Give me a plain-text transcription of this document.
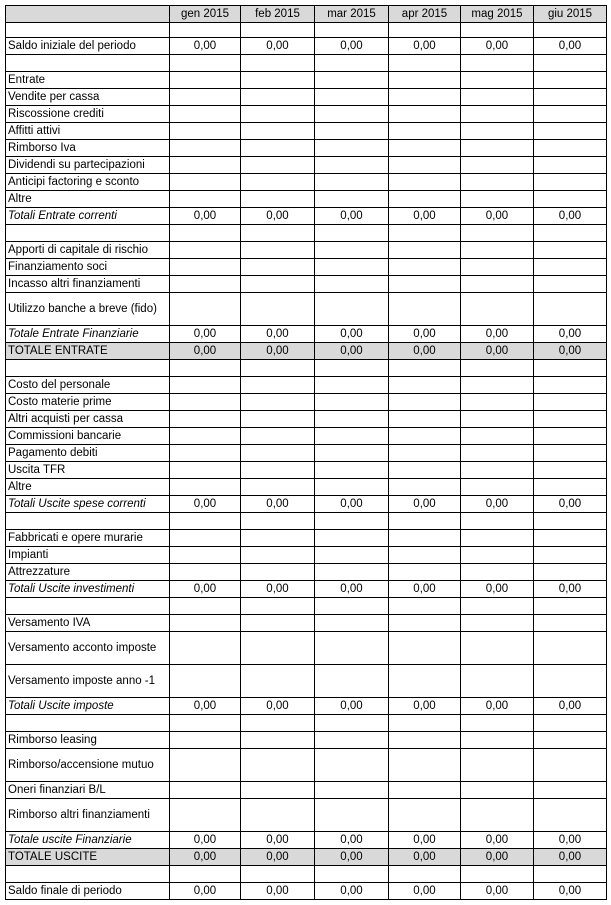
	gen 2015	feb 2015	mar 2015	apr 2015	mag 2015	giu 2015

Saldo iniziale del periodo	0,00	0,00	0,00	0,00	0,00	0,00

Entrate						
Vendite per cassa						
Riscossione crediti						
Affitti attivi						
Rimborso Iva						
Dividendi su partecipazioni						
Anticipi factoring e sconto						
Altre						
Totali Entrate correnti	0,00	0,00	0,00	0,00	0,00	0,00

Apporti di capitale di rischio						
Finanziamento soci						
Incasso altri finanziamenti						
Utilizzo banche a breve (fido)						
Totale Entrate Finanziarie	0,00	0,00	0,00	0,00	0,00	0,00
TOTALE ENTRATE	0,00	0,00	0,00	0,00	0,00	0,00

Costo del personale						
Costo materie prime						
Altri acquisti per cassa						
Commissioni bancarie						
Pagamento debiti						
Uscita TFR						
Altre						
Totali Uscite spese correnti	0,00	0,00	0,00	0,00	0,00	0,00

Fabbricati e opere murarie						
Impianti						
Attrezzature						
Totali Uscite investimenti	0,00	0,00	0,00	0,00	0,00	0,00

Versamento IVA						
Versamento acconto imposte						
Versamento imposte anno -1						
Totali Uscite imposte	0,00	0,00	0,00	0,00	0,00	0,00

Rimborso leasing						
Rimborso/accensione mutuo						
Oneri finanziari B/L						
Rimborso altri finanziamenti						
Totale uscite Finanziarie	0,00	0,00	0,00	0,00	0,00	0,00
TOTALE USCITE	0,00	0,00	0,00	0,00	0,00	0,00

Saldo finale di periodo	0,00	0,00	0,00	0,00	0,00	0,00
